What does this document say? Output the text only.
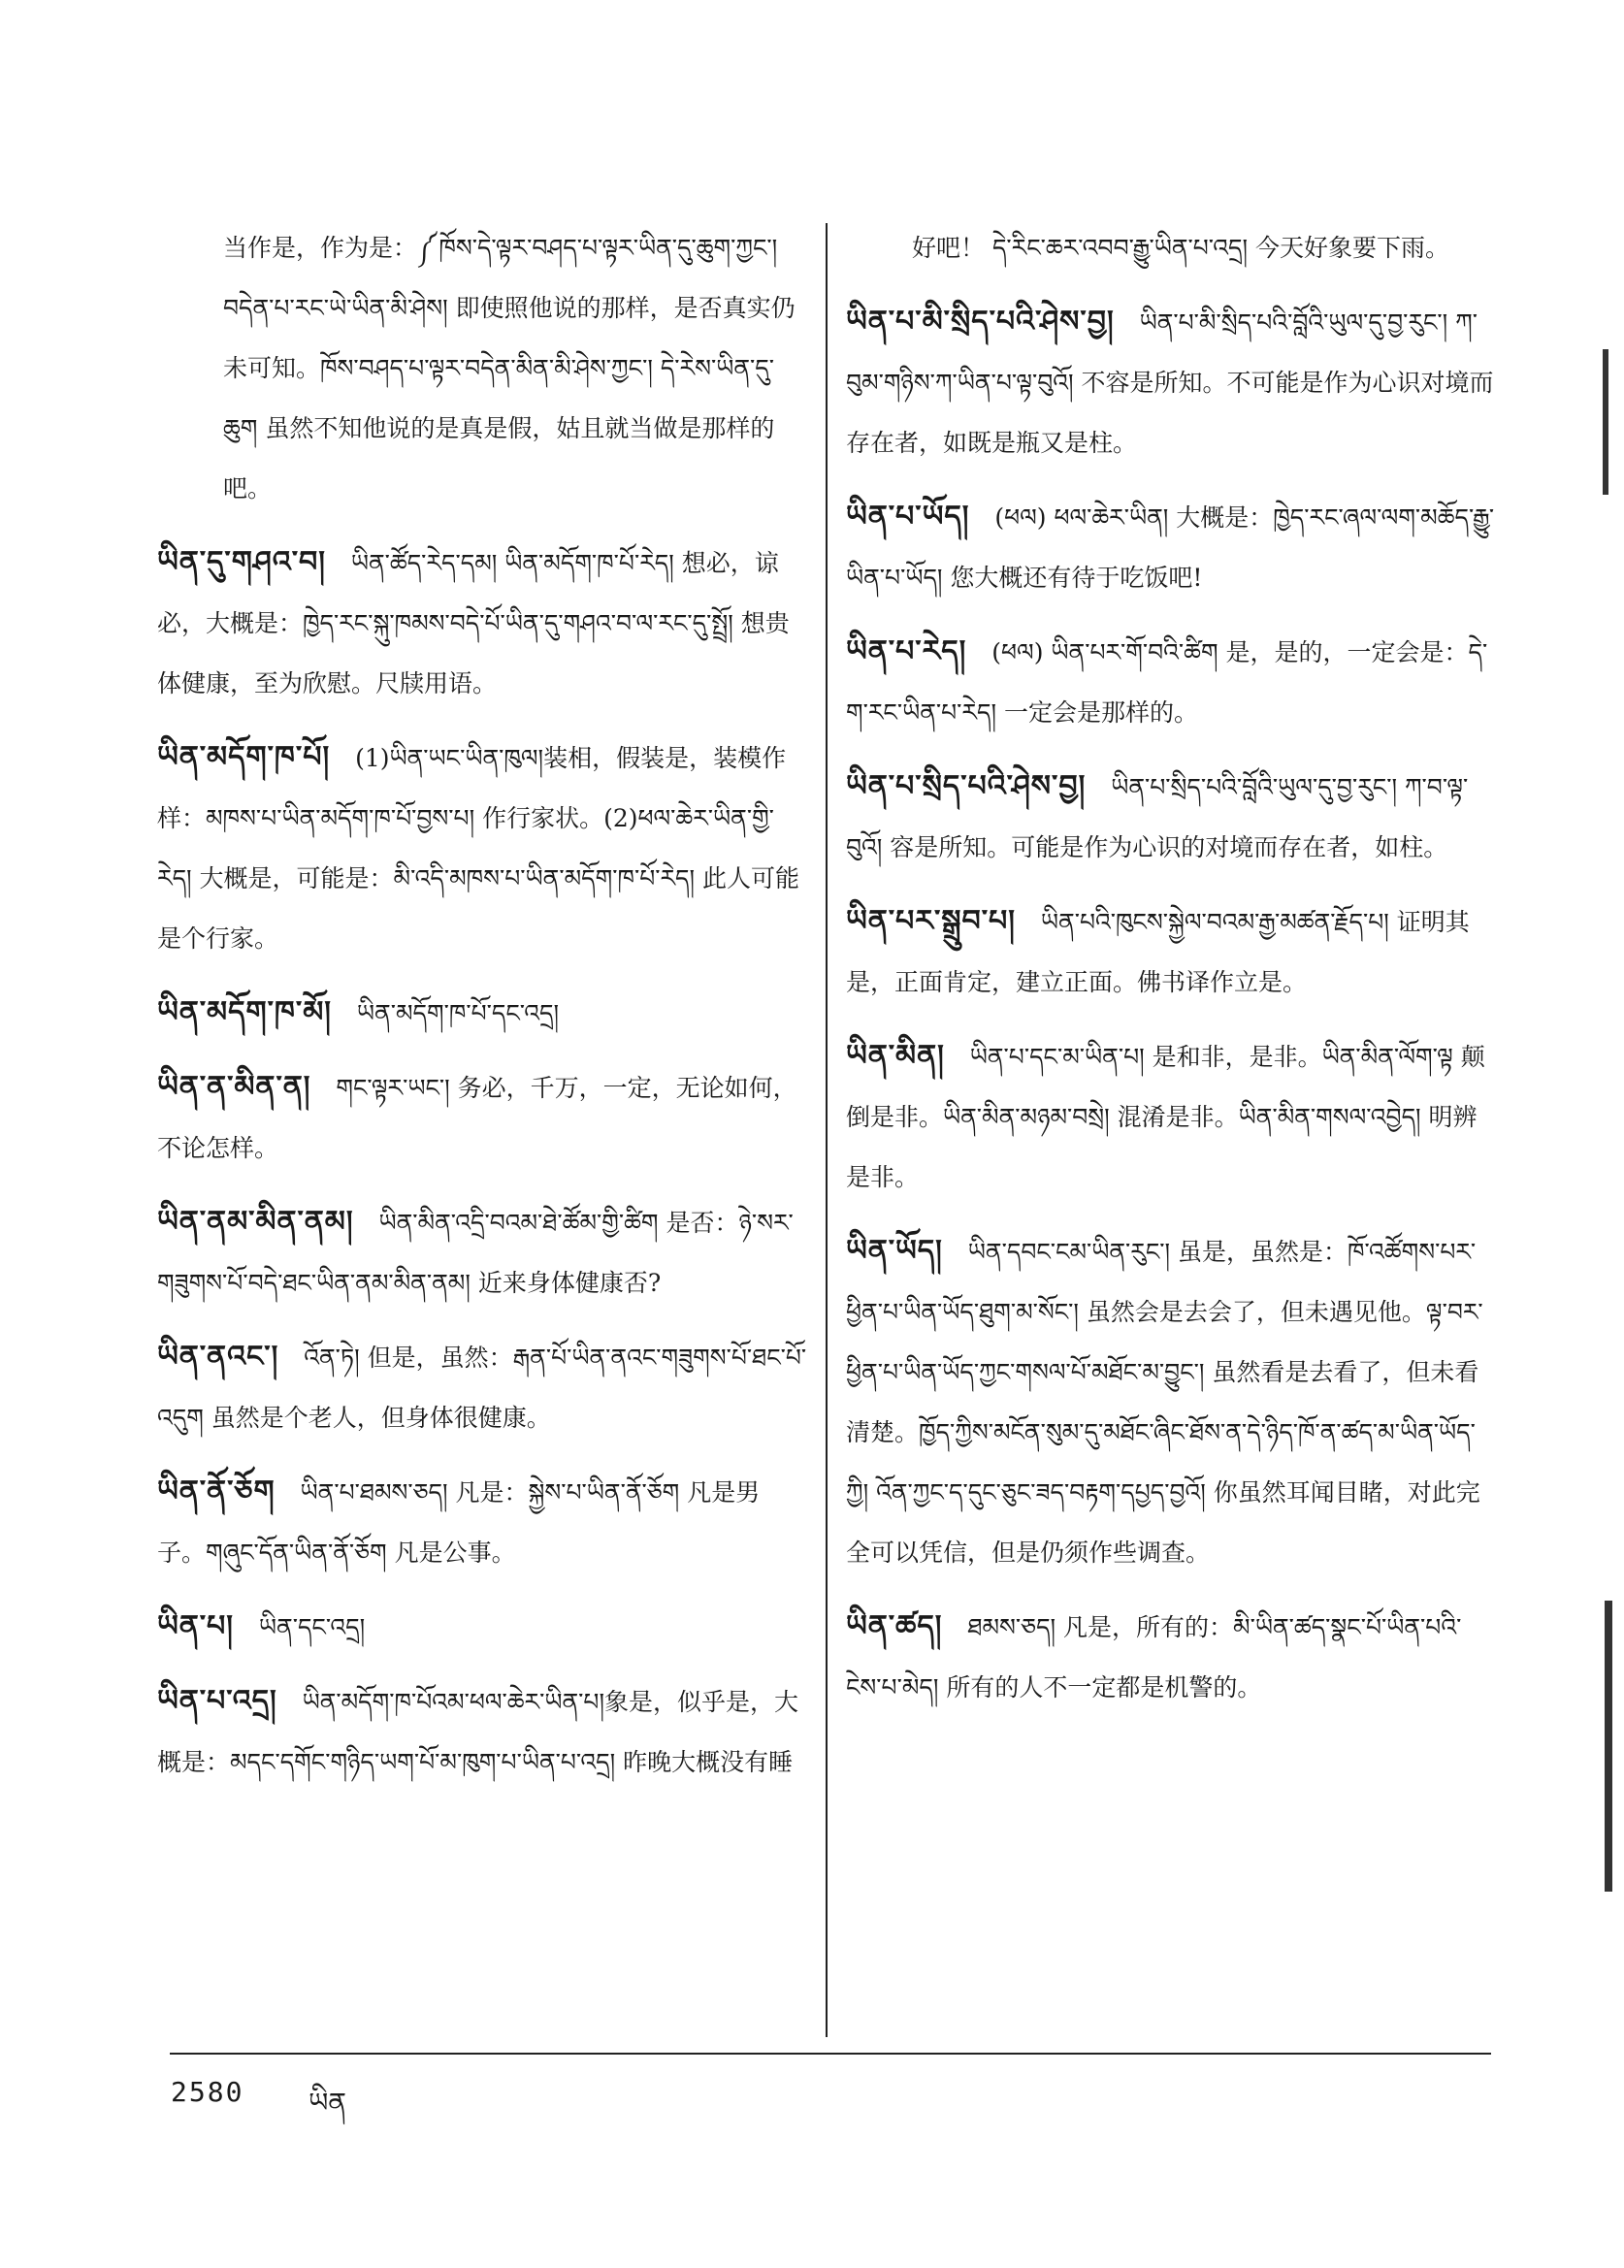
当作是，作为是：༼ཁོས་དེ་ལྟར་བཤད་པ་ལྟར་ཡིན་དུ་ཆུག་ཀྱང་། བདེན་པ་རང་ཡེ་ཡིན་མི་ཤེས། 即使照他说的那样，是否真实仍未可知。ཁོས་བཤད་པ་ལྟར་བདེན་མིན་མི་ཤེས་ཀྱང་། དེ་རེས་ཡིན་དུ་ཆུག 虽然不知他说的是真是假，姑且就当做是那样的吧。
ཡིན་དུ་གཤའ་བ། ཡིན་ཚོད་རེད་དམ། ཡིན་མདོག་ཁ་པོ་རེད། 想必，谅必，大概是：ཁྱེད་རང་སྐུ་ཁམས་བདེ་པོ་ཡིན་དུ་གཤའ་བ་ལ་རང་དུ་སྤྲོ། 想贵体健康，至为欣慰。尺牍用语。
ཡིན་མདོག་ཁ་པོ། (1)ཡིན་ཡང་ཡིན་ཁུལ།装相，假装是，装模作样：མཁས་པ་ཡིན་མདོག་ཁ་པོ་བྱས་པ། 作行家状。(2)ཕལ་ཆེར་ཡིན་གྱི་རེད། 大概是，可能是：མི་འདི་མཁས་པ་ཡིན་མདོག་ཁ་པོ་རེད། 此人可能是个行家。
ཡིན་མདོག་ཁ་མོ། ཡིན་མདོག་ཁ་པོ་དང་འདྲ།
ཡིན་ན་མིན་ན། གང་ལྟར་ཡང་། 务必，千万，一定，无论如何，不论怎样。
ཡིན་ནམ་མིན་ནམ། ཡིན་མིན་འདྲི་བའམ་ཐེ་ཚོམ་གྱི་ཚིག 是否：ཉེ་སར་གཟུགས་པོ་བདེ་ཐང་ཡིན་ནམ་མིན་ནམ། 近来身体健康否?
ཡིན་ནའང་། འོན་ཏེ། 但是，虽然：རྒན་པོ་ཡིན་ནའང་གཟུགས་པོ་ཐང་པོ་འདུག 虽然是个老人，但身体很健康。
ཡིན་ནོ་ཅོག ཡིན་པ་ཐམས་ཅད། 凡是：སྐྱེས་པ་ཡིན་ནོ་ཅོག 凡是男子。གཞུང་དོན་ཡིན་ནོ་ཅོག 凡是公事。
ཡིན་པ། ཡིན་དང་འདྲ།
ཡིན་པ་འདྲ། ཡིན་མདོག་ཁ་པོའམ་ཕལ་ཆེར་ཡིན་པ།象是，似乎是，大概是：མདང་དགོང་གཉིད་ཡག་པོ་མ་ཁུག་པ་ཡིན་པ་འདྲ། 昨晚大概没有睡
好吧！ དེ་རིང་ཆར་འབབ་རྒྱུ་ཡིན་པ་འདྲ། 今天好象要下雨。
ཡིན་པ་མི་སྲིད་པའི་ཤེས་བྱ། ཡིན་པ་མི་སྲིད་པའི་བློའི་ཡུལ་དུ་བྱ་རུང་། ཀ་བུམ་གཉིས་ཀ་ཡིན་པ་ལྟ་བུའོ། 不容是所知。不可能是作为心识对境而存在者，如既是瓶又是柱。
ཡིན་པ་ཡོད། (ཕལ) ཕལ་ཆེར་ཡིན། 大概是：ཁྱེད་རང་ཞལ་ལག་མཆོད་རྒྱུ་ཡིན་པ་ཡོད། 您大概还有待于吃饭吧!
ཡིན་པ་རེད། (ཕལ) ཡིན་པར་གོ་བའི་ཚིག 是，是的，一定会是：དེ་ག་རང་ཡིན་པ་རེད། 一定会是那样的。
ཡིན་པ་སྲིད་པའི་ཤེས་བྱ། ཡིན་པ་སྲིད་པའི་བློའི་ཡུལ་དུ་བྱ་རུང་། ཀ་བ་ལྟ་བུའོ། 容是所知。可能是作为心识的对境而存在者，如柱。
ཡིན་པར་སྒྲུབ་པ། ཡིན་པའི་ཁུངས་སྐྱེལ་བའམ་རྒྱ་མཚན་རྗོད་པ། 证明其是，正面肯定，建立正面。佛书译作立是。
ཡིན་མིན། ཡིན་པ་དང་མ་ཡིན་པ། 是和非，是非。ཡིན་མིན་ལོག་ལྟ 颠倒是非。ཡིན་མིན་མཉམ་བསྲེ། 混淆是非。ཡིན་མིན་གསལ་འབྱེད། 明辨是非。
ཡིན་ཡོད། ཡིན་དབང་ངམ་ཡིན་རུང་། 虽是，虽然是：ཁོ་འཚོགས་པར་ཕྱིན་པ་ཡིན་ཡོད་ཐུག་མ་སོང་། 虽然会是去会了，但未遇见他。ལྟ་བར་ཕྱིན་པ་ཡིན་ཡོད་ཀྱང་གསལ་པོ་མཐོང་མ་བྱུང་། 虽然看是去看了，但未看清楚。ཁྱོད་ཀྱིས་མངོན་སུམ་དུ་མཐོང་ཞིང་ཐོས་ན་དེ་ཉིད་ཁོ་ན་ཚད་མ་ཡིན་ཡོད་ཀྱི། འོན་ཀྱང་ད་དུང་ཅུང་ཟད་བརྟག་དཔྱད་བྱའོ། 你虽然耳闻目睹，对此完全可以凭信，但是仍须作些调查。
ཡིན་ཚད། ཐམས་ཅད། 凡是，所有的：མི་ཡིན་ཚད་སྣང་པོ་ཡིན་པའི་ངེས་པ་མེད། 所有的人不一定都是机警的。
2580 ཡིན
